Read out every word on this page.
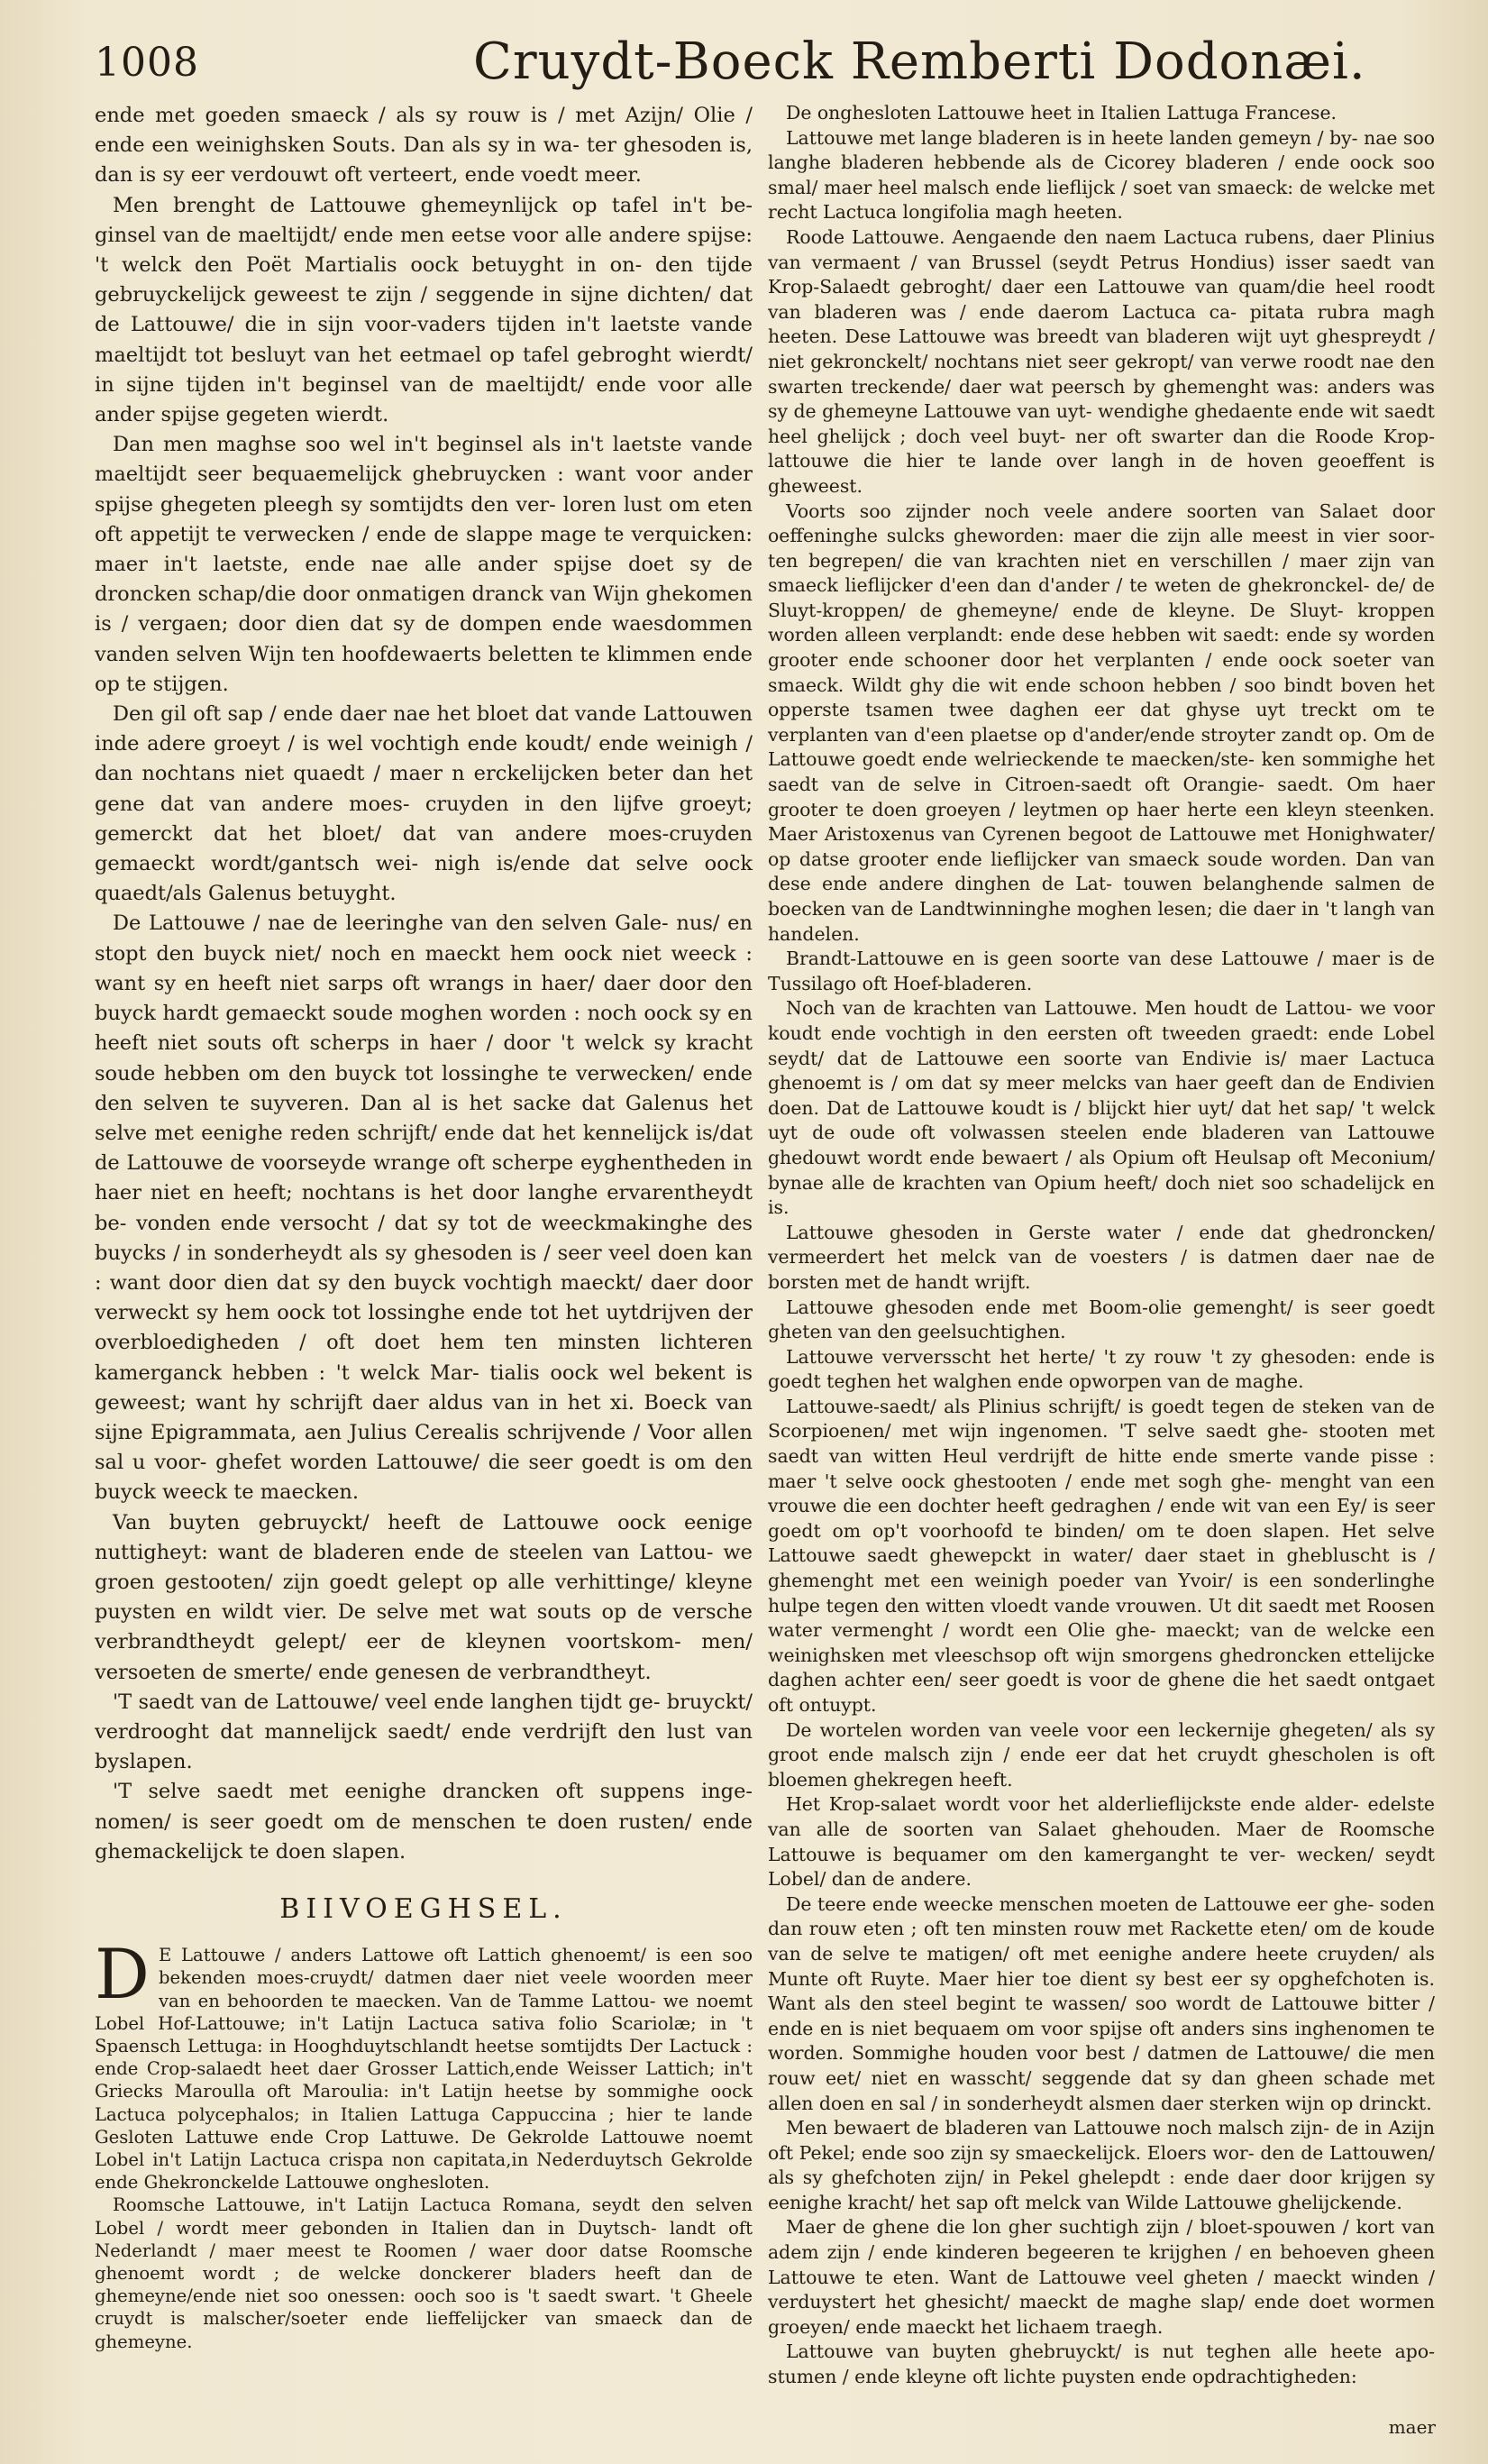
1008	Cruydt-Boeck Remberti Dodonæi.

ende met goeden smaeck / als sy rouw is / met Azijn/ Olie / ende een weinighsken Souts. Dan als sy in wa- ter ghesoden is, dan is sy eer verdouwt oft verteert, ende voedt meer.

Men brenght de Lattouwe ghemeynlijck op tafel in't be- ginsel van de maeltijdt/ ende men eetse voor alle andere spijse: 't welck den Poët Martialis oock betuyght in on- den tijde gebruyckelijck geweest te zijn / seggende in sijne dichten/ dat de Lattouwe/ die in sijn voor-vaders tijden in't laetste vande maeltijdt tot besluyt van het eetmael op tafel gebroght wierdt/ in sijne tijden in't beginsel van de maeltijdt/ ende voor alle ander spijse gegeten wierdt.

Dan men maghse soo wel in't beginsel als in't laetste vande maeltijdt seer bequaemelijck ghebruycken : want voor ander spijse ghegeten pleegh sy somtijdts den ver- loren lust om eten oft appetijt te verwecken / ende de slappe mage te verquicken: maer in't laetste, ende nae alle ander spijse doet sy de droncken schap/die door onmatigen dranck van Wijn ghekomen is / vergaen; door dien dat sy de dompen ende waesdommen vanden selven Wijn ten hoofdewaerts beletten te klimmen ende op te stijgen.

Den gil oft sap / ende daer nae het bloet dat vande Lattouwen inde adere groeyt / is wel vochtigh ende koudt/ ende weinigh / dan nochtans niet quaedt / maer n erckelijcken beter dan het gene dat van andere moes- cruyden in den lijfve groeyt; gemerckt dat het bloet/ dat van andere moes-cruyden gemaeckt wordt/gantsch wei- nigh is/ende dat selve oock quaedt/als Galenus betuyght.

De Lattouwe / nae de leeringhe van den selven Gale- nus/ en stopt den buyck niet/ noch en maeckt hem oock niet weeck : want sy en heeft niet sarps oft wrangs in haer/ daer door den buyck hardt gemaeckt soude moghen worden : noch oock sy en heeft niet souts oft scherps in haer / door 't welck sy kracht soude hebben om den buyck tot lossinghe te verwecken/ ende den selven te suyveren. Dan al is het sacke dat Galenus het selve met eenighe reden schrijft/ ende dat het kennelijck is/dat de Lattouwe de voorseyde wrange oft scherpe eyghentheden in haer niet en heeft; nochtans is het door langhe ervarentheydt be- vonden ende versocht / dat sy tot de weeckmakinghe des buycks / in sonderheydt als sy ghesoden is / seer veel doen kan : want door dien dat sy den buyck vochtigh maeckt/ daer door verweckt sy hem oock tot lossinghe ende tot het uytdrijven der overbloedigheden / oft doet hem ten minsten lichteren kamerganck hebben : 't welck Mar- tialis oock wel bekent is geweest; want hy schrijft daer aldus van in het xi. Boeck van sijne Epigrammata, aen Julius Cerealis schrijvende / Voor allen sal u voor- ghefet worden Lattouwe/ die seer goedt is om den buyck weeck te maecken.

Van buyten gebruyckt/ heeft de Lattouwe oock eenige nuttigheyt: want de bladeren ende de steelen van Lattou- we groen gestooten/ zijn goedt gelept op alle verhittinge/ kleyne puysten en wildt vier. De selve met wat souts op de versche verbrandtheydt gelept/ eer de kleynen voortskom- men/ versoeten de smerte/ ende genesen de verbrandtheyt.

'T saedt van de Lattouwe/ veel ende langhen tijdt ge- bruyckt/ verdrooght dat mannelijck saedt/ ende verdrijft den lust van byslapen.

'T selve saedt met eenighe drancken oft suppens inge- nomen/ is seer goedt om de menschen te doen rusten/ ende ghemackelijck te doen slapen.

BIIVOEGHSEL.

D E Lattouwe / anders Lattowe oft Lattich ghenoemt/ is een soo bekenden moes-cruydt/ datmen daer niet veele woorden meer van en behoorden te maecken. Van de Tamme Lattou- we noemt Lobel Hof-Lattouwe; in't Latijn Lactuca sativa folio Scariolæ; in 't Spaensch Lettuga: in Hooghduytschlandt heetse somtijdts Der Lactuck : ende Crop-salaedt heet daer Grosser Lattich,ende Weisser Lattich; in't Griecks Maroulla oft Maroulia: in't Latijn heetse by sommighe oock Lactuca polycephalos; in Italien Lattuga Cappuccina ; hier te lande Gesloten Lattuwe ende Crop Lattuwe. De Gekrolde Lattouwe noemt Lobel in't Latijn Lactuca crispa non capitata,in Nederduytsch Gekrolde ende Ghekronckelde Lattouwe onghesloten.

Roomsche Lattouwe, in't Latijn Lactuca Romana, seydt den selven Lobel / wordt meer gebonden in Italien dan in Duytsch- landt oft Nederlandt / maer meest te Roomen / waer door datse Roomsche ghenoemt wordt ; de welcke donckerer bladers heeft dan de ghemeyne/ende niet soo onessen: ooch soo is 't saedt swart. 't Gheele cruydt is malscher/soeter ende lieffelijcker van smaeck dan de ghemeyne.

De onghesloten Lattouwe heet in Italien Lattuga Francese.

Lattouwe met lange bladeren is in heete landen gemeyn / by- nae soo langhe bladeren hebbende als de Cicorey bladeren / ende oock soo smal/ maer heel malsch ende lieflijck / soet van smaeck: de welcke met recht Lactuca longifolia magh heeten.

Roode Lattouwe. Aengaende den naem Lactuca rubens, daer Plinius van vermaent / van Brussel (seydt Petrus Hondius) isser saedt van Krop-Salaedt gebroght/ daer een Lattouwe van quam/die heel roodt van bladeren was / ende daerom Lactuca ca- pitata rubra magh heeten. Dese Lattouwe was breedt van bladeren wijt uyt ghespreydt / niet gekronckelt/ nochtans niet seer gekropt/ van verwe roodt nae den swarten treckende/ daer wat peersch by ghemenght was: anders was sy de ghemeyne Lattouwe van uyt- wendighe ghedaente ende wit saedt heel ghelijck ; doch veel buyt- ner oft swarter dan die Roode Krop-lattouwe die hier te lande over langh in de hoven geoeffent is gheweest.

Voorts soo zijnder noch veele andere soorten van Salaet door oeffeninghe sulcks gheworden: maer die zijn alle meest in vier soor- ten begrepen/ die van krachten niet en verschillen / maer zijn van smaeck lieflijcker d'een dan d'ander / te weten de ghekronckel- de/ de Sluyt-kroppen/ de ghemeyne/ ende de kleyne. De Sluyt- kroppen worden alleen verplandt: ende dese hebben wit saedt: ende sy worden grooter ende schooner door het verplanten / ende oock soeter van smaeck. Wildt ghy die wit ende schoon hebben / soo bindt boven het opperste tsamen twee daghen eer dat ghyse uyt treckt om te verplanten van d'een plaetse op d'ander/ende stroyter zandt op. Om de Lattouwe goedt ende welrieckende te maecken/ste- ken sommighe het saedt van de selve in Citroen-saedt oft Orangie- saedt. Om haer grooter te doen groeyen / leytmen op haer herte een kleyn steenken. Maer Aristoxenus van Cyrenen begoot de Lattouwe met Honighwater/ op datse grooter ende lieflijcker van smaeck soude worden. Dan van dese ende andere dinghen de Lat- touwen belanghende salmen de boecken van de Landtwinninghe moghen lesen; die daer in 't langh van handelen.

Brandt-Lattouwe en is geen soorte van dese Lattouwe / maer is de Tussilago oft Hoef-bladeren.

Noch van de krachten van Lattouwe. Men houdt de Lattou- we voor koudt ende vochtigh in den eersten oft tweeden graedt: ende Lobel seydt/ dat de Lattouwe een soorte van Endivie is/ maer Lactuca ghenoemt is / om dat sy meer melcks van haer geeft dan de Endivien doen. Dat de Lattouwe koudt is / blijckt hier uyt/ dat het sap/ 't welck uyt de oude oft volwassen steelen ende bladeren van Lattouwe ghedouwt wordt ende bewaert / als Opium oft Heulsap oft Meconium/ bynae alle de krachten van Opium heeft/ doch niet soo schadelijck en is.

Lattouwe ghesoden in Gerste water / ende dat ghedroncken/ vermeerdert het melck van de voesters / is datmen daer nae de borsten met de handt wrijft.

Lattouwe ghesoden ende met Boom-olie gemenght/ is seer goedt gheten van den geelsuchtighen.

Lattouwe verversscht het herte/ 't zy rouw 't zy ghesoden: ende is goedt teghen het walghen ende opworpen van de maghe.

Lattouwe-saedt/ als Plinius schrijft/ is goedt tegen de steken van de Scorpioenen/ met wijn ingenomen. 'T selve saedt ghe- stooten met saedt van witten Heul verdrijft de hitte ende smerte vande pisse : maer 't selve oock ghestooten / ende met sogh ghe- menght van een vrouwe die een dochter heeft gedraghen / ende wit van een Ey/ is seer goedt om op't voorhoofd te binden/ om te doen slapen. Het selve Lattouwe saedt ghewepckt in water/ daer staet in ghebluscht is / ghemenght met een weinigh poeder van Yvoir/ is een sonderlinghe hulpe tegen den witten vloedt vande vrouwen. Ut dit saedt met Roosen water vermenght / wordt een Olie ghe- maeckt; van de welcke een weinighsken met vleeschsop oft wijn smorgens ghedroncken ettelijcke daghen achter een/ seer goedt is voor de ghene die het saedt ontgaet oft ontuypt.

De wortelen worden van veele voor een leckernije ghegeten/ als sy groot ende malsch zijn / ende eer dat het cruydt ghescholen is oft bloemen ghekregen heeft.

Het Krop-salaet wordt voor het alderlieflijckste ende alder- edelste van alle de soorten van Salaet ghehouden. Maer de Roomsche Lattouwe is bequamer om den kamerganght te ver- wecken/ seydt Lobel/ dan de andere.

De teere ende weecke menschen moeten de Lattouwe eer ghe- soden dan rouw eten ; oft ten minsten rouw met Rackette eten/ om de koude van de selve te matigen/ oft met eenighe andere heete cruyden/ als Munte oft Ruyte. Maer hier toe dient sy best eer sy opghefchoten is. Want als den steel begint te wassen/ soo wordt de Lattouwe bitter / ende en is niet bequaem om voor spijse oft anders sins inghenomen te worden. Sommighe houden voor best / datmen de Lattouwe/ die men rouw eet/ niet en wasscht/ seggende dat sy dan gheen schade met allen doen en sal / in sonderheydt alsmen daer sterken wijn op drinckt.

Men bewaert de bladeren van Lattouwe noch malsch zijn- de in Azijn oft Pekel; ende soo zijn sy smaeckelijck. Eloers wor- den de Lattouwen/ als sy ghefchoten zijn/ in Pekel ghelepdt : ende daer door krijgen sy eenighe kracht/ het sap oft melck van Wilde Lattouwe ghelijckende.

Maer de ghene die lon gher suchtigh zijn / bloet-spouwen / kort van adem zijn / ende kinderen begeeren te krijghen / en behoeven gheen Lattouwe te eten. Want de Lattouwe veel gheten / maeckt winden / verduystert het ghesicht/ maeckt de maghe slap/ ende doet wormen groeyen/ ende maeckt het lichaem traegh.

Lattouwe van buyten ghebruyckt/ is nut teghen alle heete apo- stumen / ende kleyne oft lichte puysten ende opdrachtigheden:

maer
